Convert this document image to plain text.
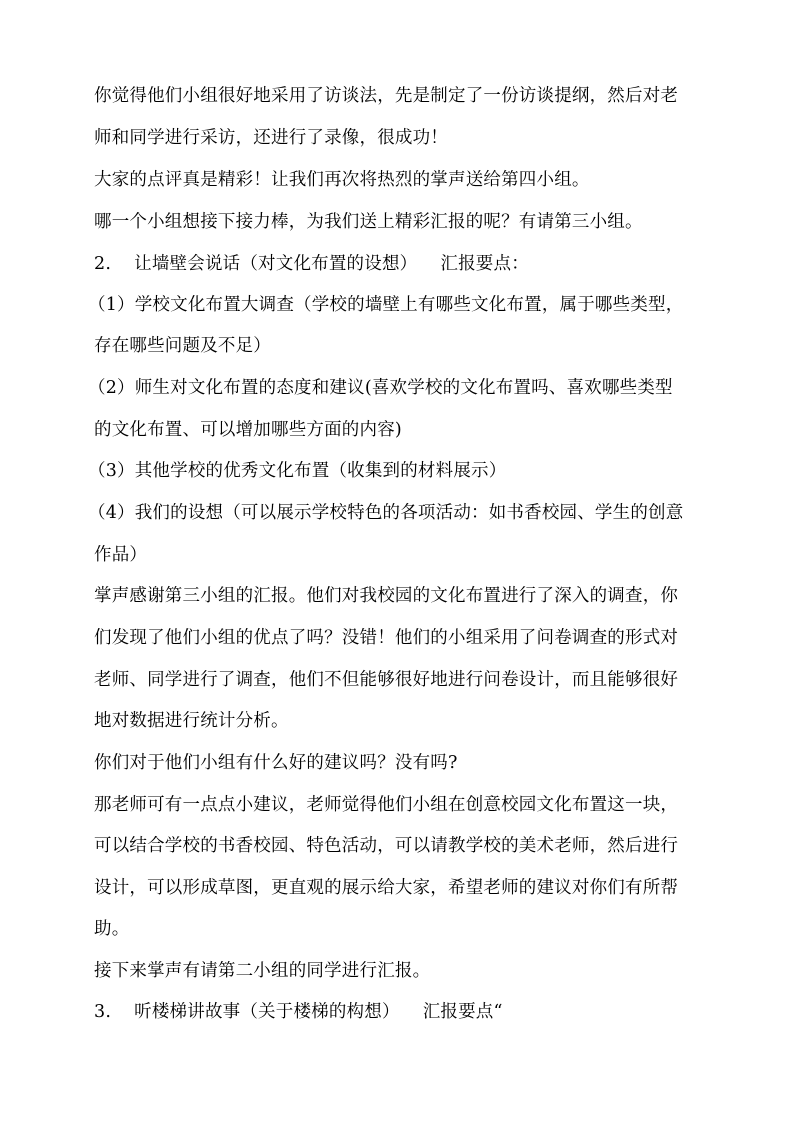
你觉得他们小组很好地采用了访谈法，先是制定了一份访谈提纲，然后对老
师和同学进行采访，还进行了录像，很成功！
大家的点评真是精彩！让我们再次将热烈的掌声送给第四小组。
哪一个小组想接下接力棒，为我们送上精彩汇报的呢？有请第三小组。
2.    让墙壁会说话（对文化布置的设想）    汇报要点：
（1）学校文化布置大调查（学校的墙壁上有哪些文化布置，属于哪些类型，
存在哪些问题及不足）
（2）师生对文化布置的态度和建议(喜欢学校的文化布置吗、喜欢哪些类型
的文化布置、可以增加哪些方面的内容)
（3）其他学校的优秀文化布置（收集到的材料展示）
（4）我们的设想（可以展示学校特色的各项活动：如书香校园、学生的创意
作品）
掌声感谢第三小组的汇报。他们对我校园的文化布置进行了深入的调查，你
们发现了他们小组的优点了吗？没错！他们的小组采用了问卷调查的形式对
老师、同学进行了调查，他们不但能够很好地进行问卷设计，而且能够很好
地对数据进行统计分析。
你们对于他们小组有什么好的建议吗？没有吗?
那老师可有一点点小建议，老师觉得他们小组在创意校园文化布置这一块，
可以结合学校的书香校园、特色活动，可以请教学校的美术老师，然后进行
设计，可以形成草图，更直观的展示给大家，希望老师的建议对你们有所帮
助。
接下来掌声有请第二小组的同学进行汇报。
3.    听楼梯讲故事（关于楼梯的构想）    汇报要点“
